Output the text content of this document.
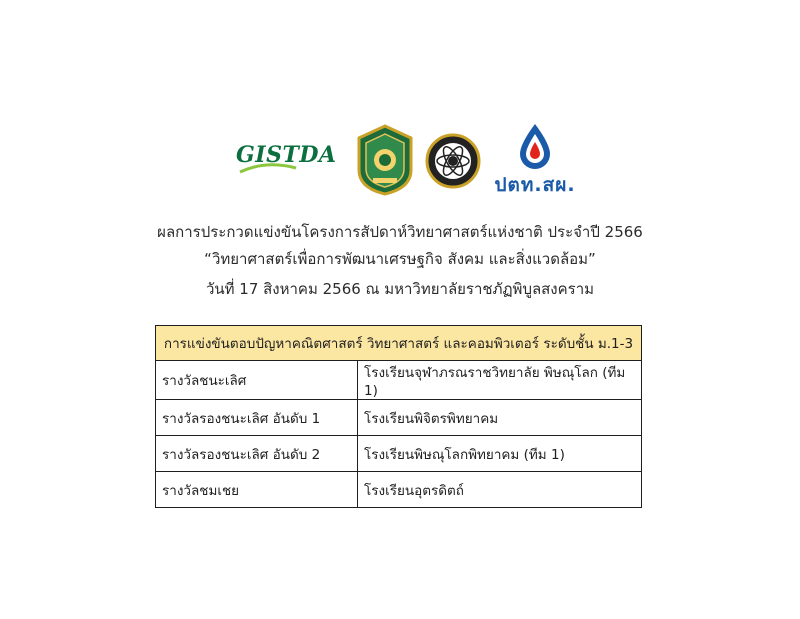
GISTDA
ปตท.สผ.
ผลการประกวดแข่งขันโครงการสัปดาห์วิทยาศาสตร์แห่งชาติ ประจำปี 2566
“วิทยาศาสตร์เพื่อการพัฒนาเศรษฐกิจ สังคม และสิ่งแวดล้อม”
วันที่ 17 สิงหาคม 2566 ณ มหาวิทยาลัยราชภัฏพิบูลสงคราม
การแข่งขันตอบปัญหาคณิตศาสตร์ วิทยาศาสตร์ และคอมพิวเตอร์ ระดับชั้น ม.1-3	
รางวัลชนะเลิศ	โรงเรียนจุฬาภรณราชวิทยาลัย พิษณุโลก (ทีม 1)
รางวัลรองชนะเลิศ อันดับ 1	โรงเรียนพิจิตรพิทยาคม
รางวัลรองชนะเลิศ อันดับ 2	โรงเรียนพิษณุโลกพิทยาคม (ทีม 1)
รางวัลชมเชย	โรงเรียนอุตรดิตถ์
